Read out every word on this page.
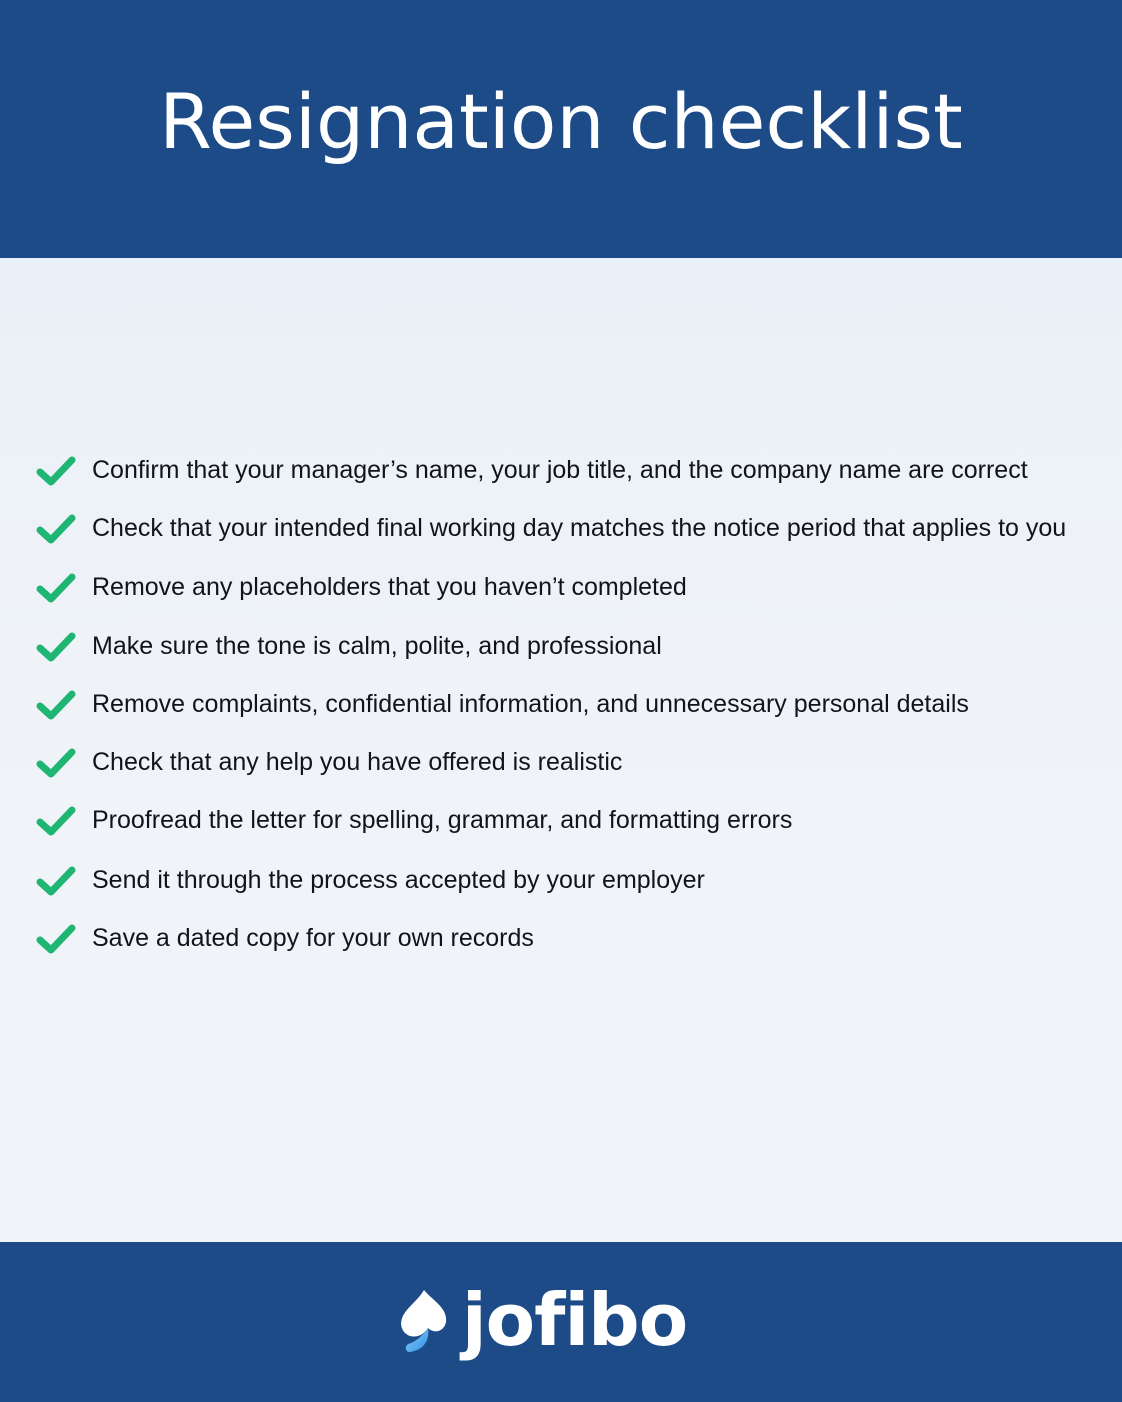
Resignation checklist
Confirm that your manager’s name, your job title, and the company name are correct
Check that your intended final working day matches the notice period that applies to you
Remove any placeholders that you haven’t completed
Make sure the tone is calm, polite, and professional
Remove complaints, confidential information, and unnecessary personal details
Check that any help you have offered is realistic
Proofread the letter for spelling, grammar, and formatting errors
Send it through the process accepted by your employer
Save a dated copy for your own records
jofibo
